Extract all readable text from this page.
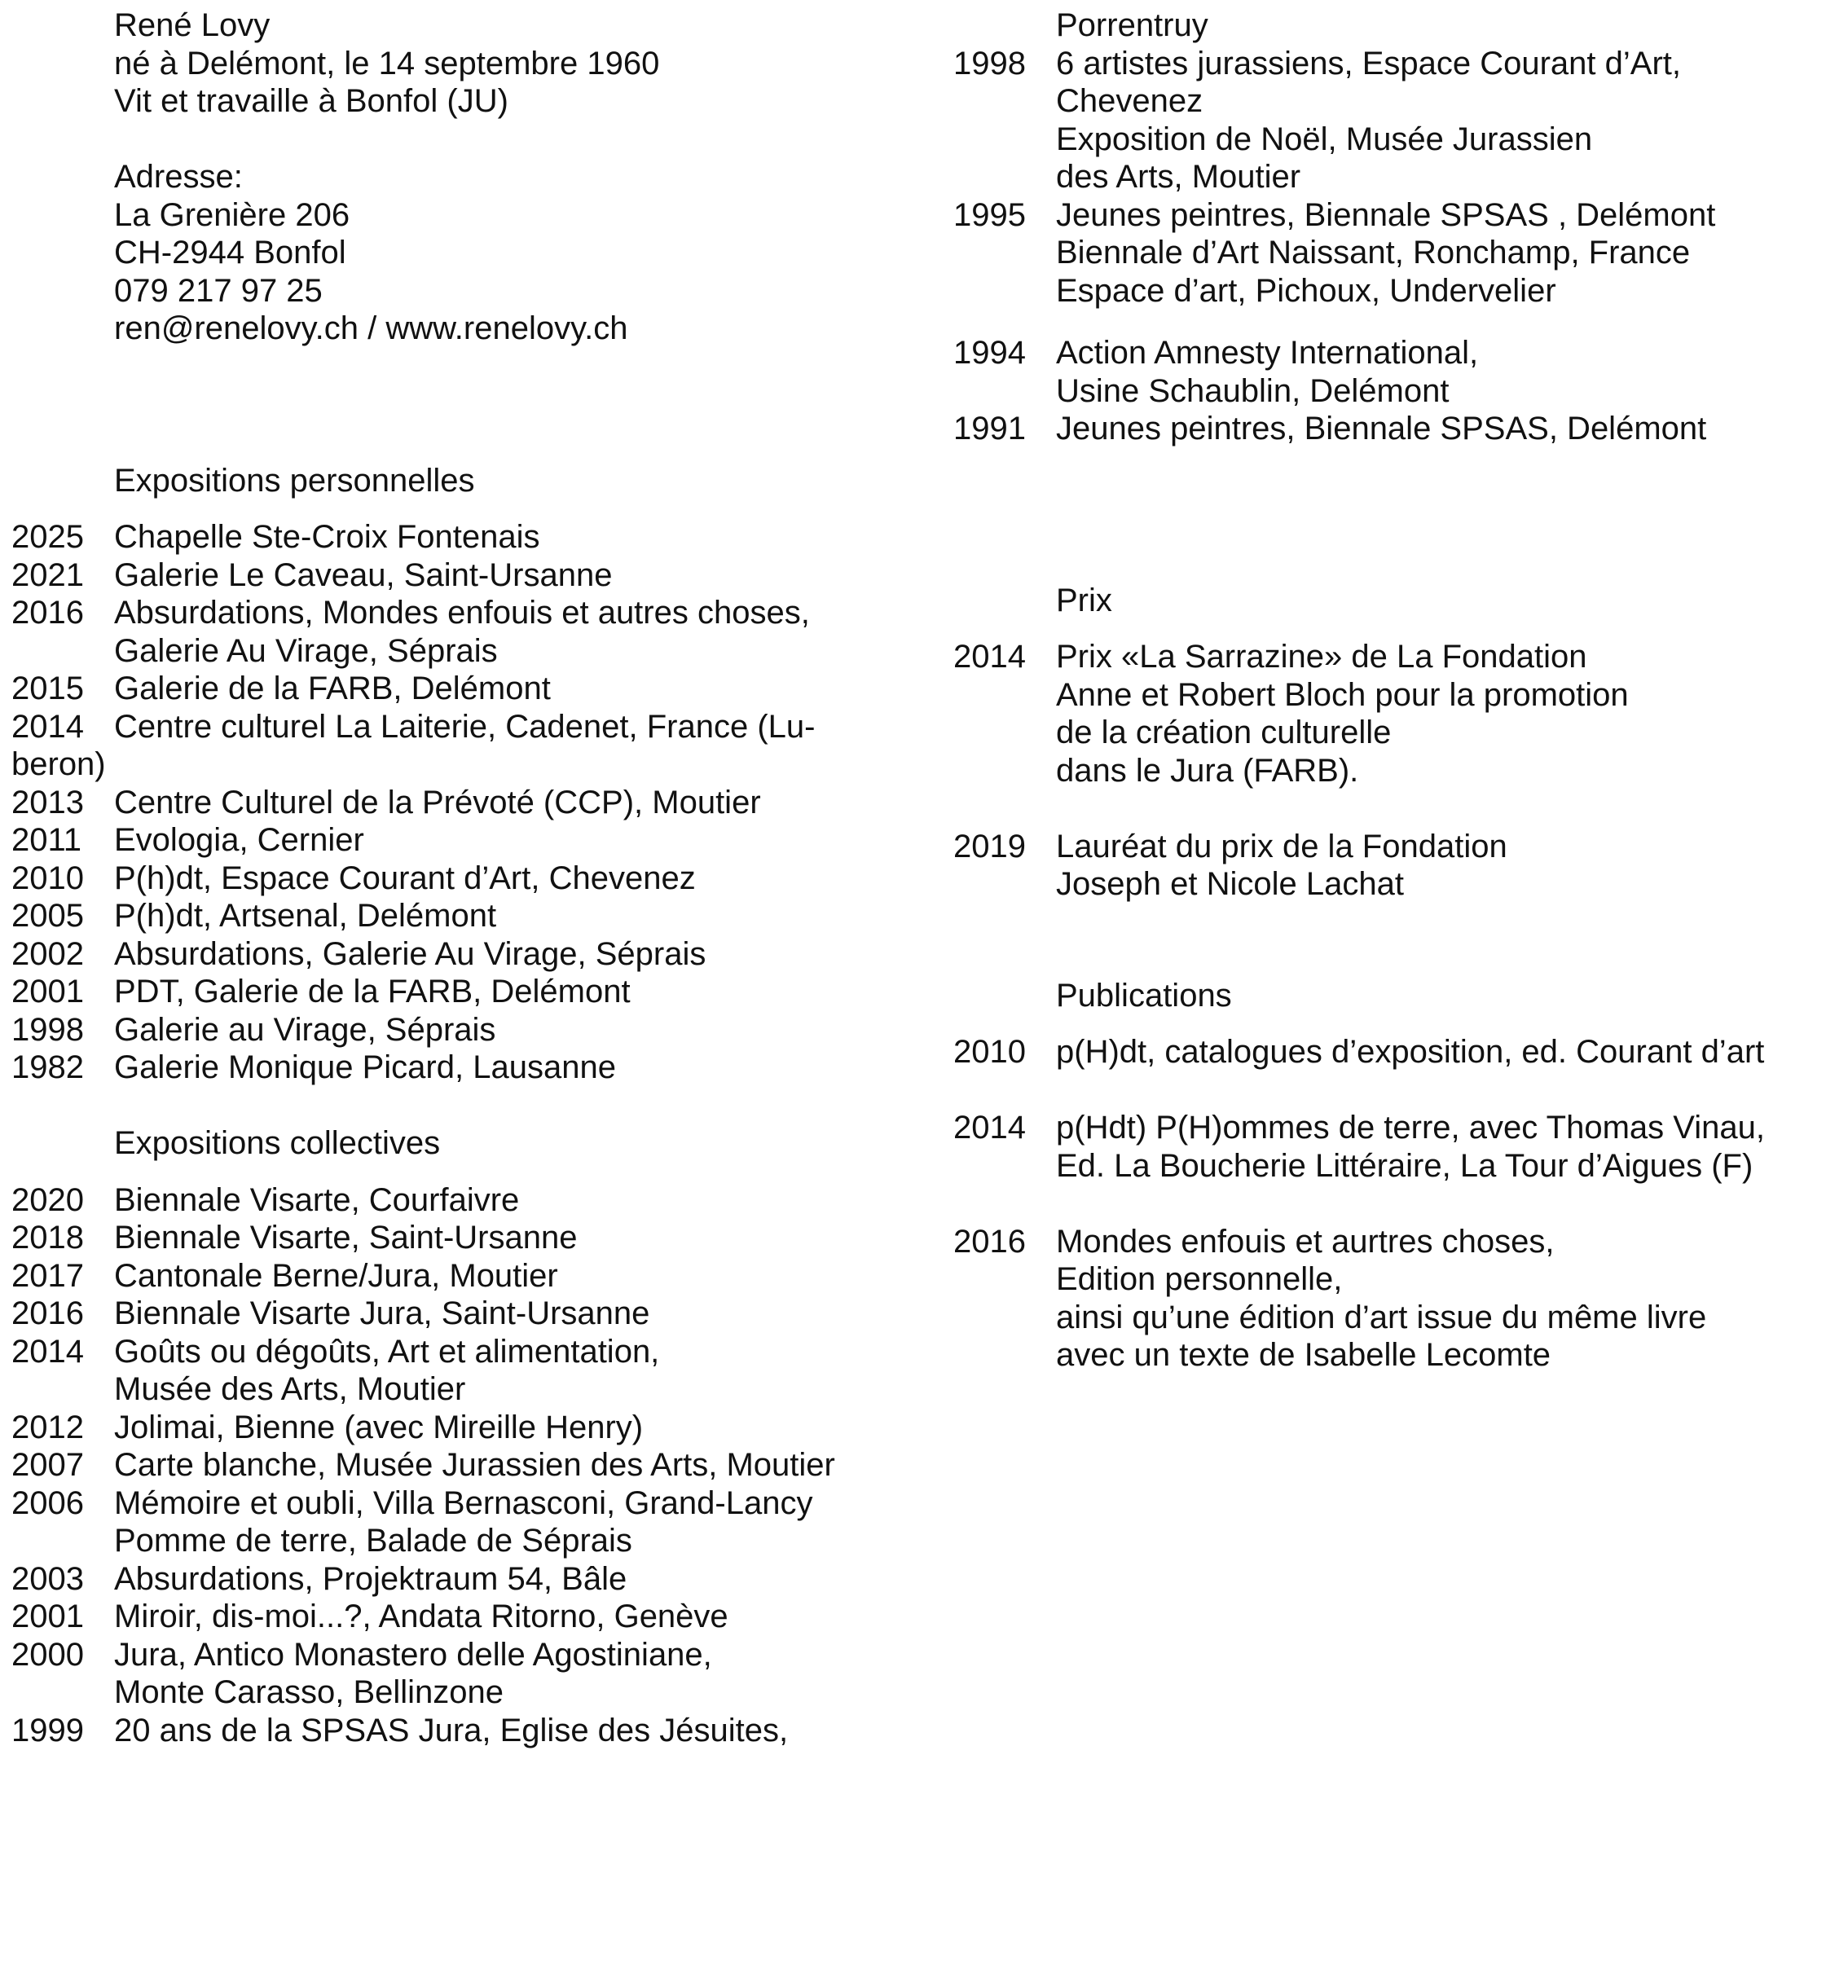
René Lovy
né à Delémont, le 14 septembre 1960
Vit et travaille à Bonfol (JU)
Adresse:
La Grenière 206
CH-2944 Bonfol
079 217 97 25
ren@renelovy.ch / www.renelovy.ch
Expositions personnelles
2025 Chapelle Ste-Croix Fontenais
2021 Galerie Le Caveau, Saint-Ursanne
2016 Absurdations, Mondes enfouis et autres choses,
Galerie Au Virage, Séprais
2015 Galerie de la FARB, Delémont
2014 Centre culturel La Laiterie, Cadenet, France (Lu-
beron)
2013 Centre Culturel de la Prévoté (CCP), Moutier
2011 Evologia, Cernier
2010 P(h)dt, Espace Courant d’Art, Chevenez
2005 P(h)dt, Artsenal, Delémont
2002 Absurdations, Galerie Au Virage, Séprais
2001 PDT, Galerie de la FARB, Delémont
1998 Galerie au Virage, Séprais
1982 Galerie Monique Picard, Lausanne
Expositions collectives
2020 Biennale Visarte, Courfaivre
2018 Biennale Visarte, Saint-Ursanne
2017 Cantonale Berne/Jura, Moutier
2016 Biennale Visarte Jura, Saint-Ursanne
2014 Goûts ou dégoûts, Art et alimentation,
Musée des Arts, Moutier
2012 Jolimai, Bienne (avec Mireille Henry)
2007 Carte blanche, Musée Jurassien des Arts, Moutier
2006 Mémoire et oubli, Villa Bernasconi, Grand-Lancy
Pomme de terre, Balade de Séprais
2003 Absurdations, Projektraum 54, Bâle
2001 Miroir, dis-moi...?, Andata Ritorno, Genève
2000 Jura, Antico Monastero delle Agostiniane,
Monte Carasso, Bellinzone
1999 20 ans de la SPSAS Jura, Eglise des Jésuites,
Porrentruy
1998 6 artistes jurassiens, Espace Courant d’Art,
Chevenez
Exposition de Noël, Musée Jurassien
des Arts, Moutier
1995 Jeunes peintres, Biennale SPSAS , Delémont
Biennale d’Art Naissant, Ronchamp, France
Espace d’art, Pichoux, Undervelier
1994 Action Amnesty International,
Usine Schaublin, Delémont
1991 Jeunes peintres, Biennale SPSAS, Delémont
Prix
2014 Prix «La Sarrazine» de La Fondation
Anne et Robert Bloch pour la promotion
de la création culturelle
dans le Jura (FARB).
2019 Lauréat du prix de la Fondation
Joseph et Nicole Lachat
Publications
2010 p(H)dt, catalogues d’exposition, ed. Courant d’art
2014 p(Hdt) P(H)ommes de terre, avec Thomas Vinau,
Ed. La Boucherie Littéraire, La Tour d’Aigues (F)
2016 Mondes enfouis et aurtres choses,
Edition personnelle,
ainsi qu’une édition d’art issue du même livre
avec un texte de Isabelle Lecomte
